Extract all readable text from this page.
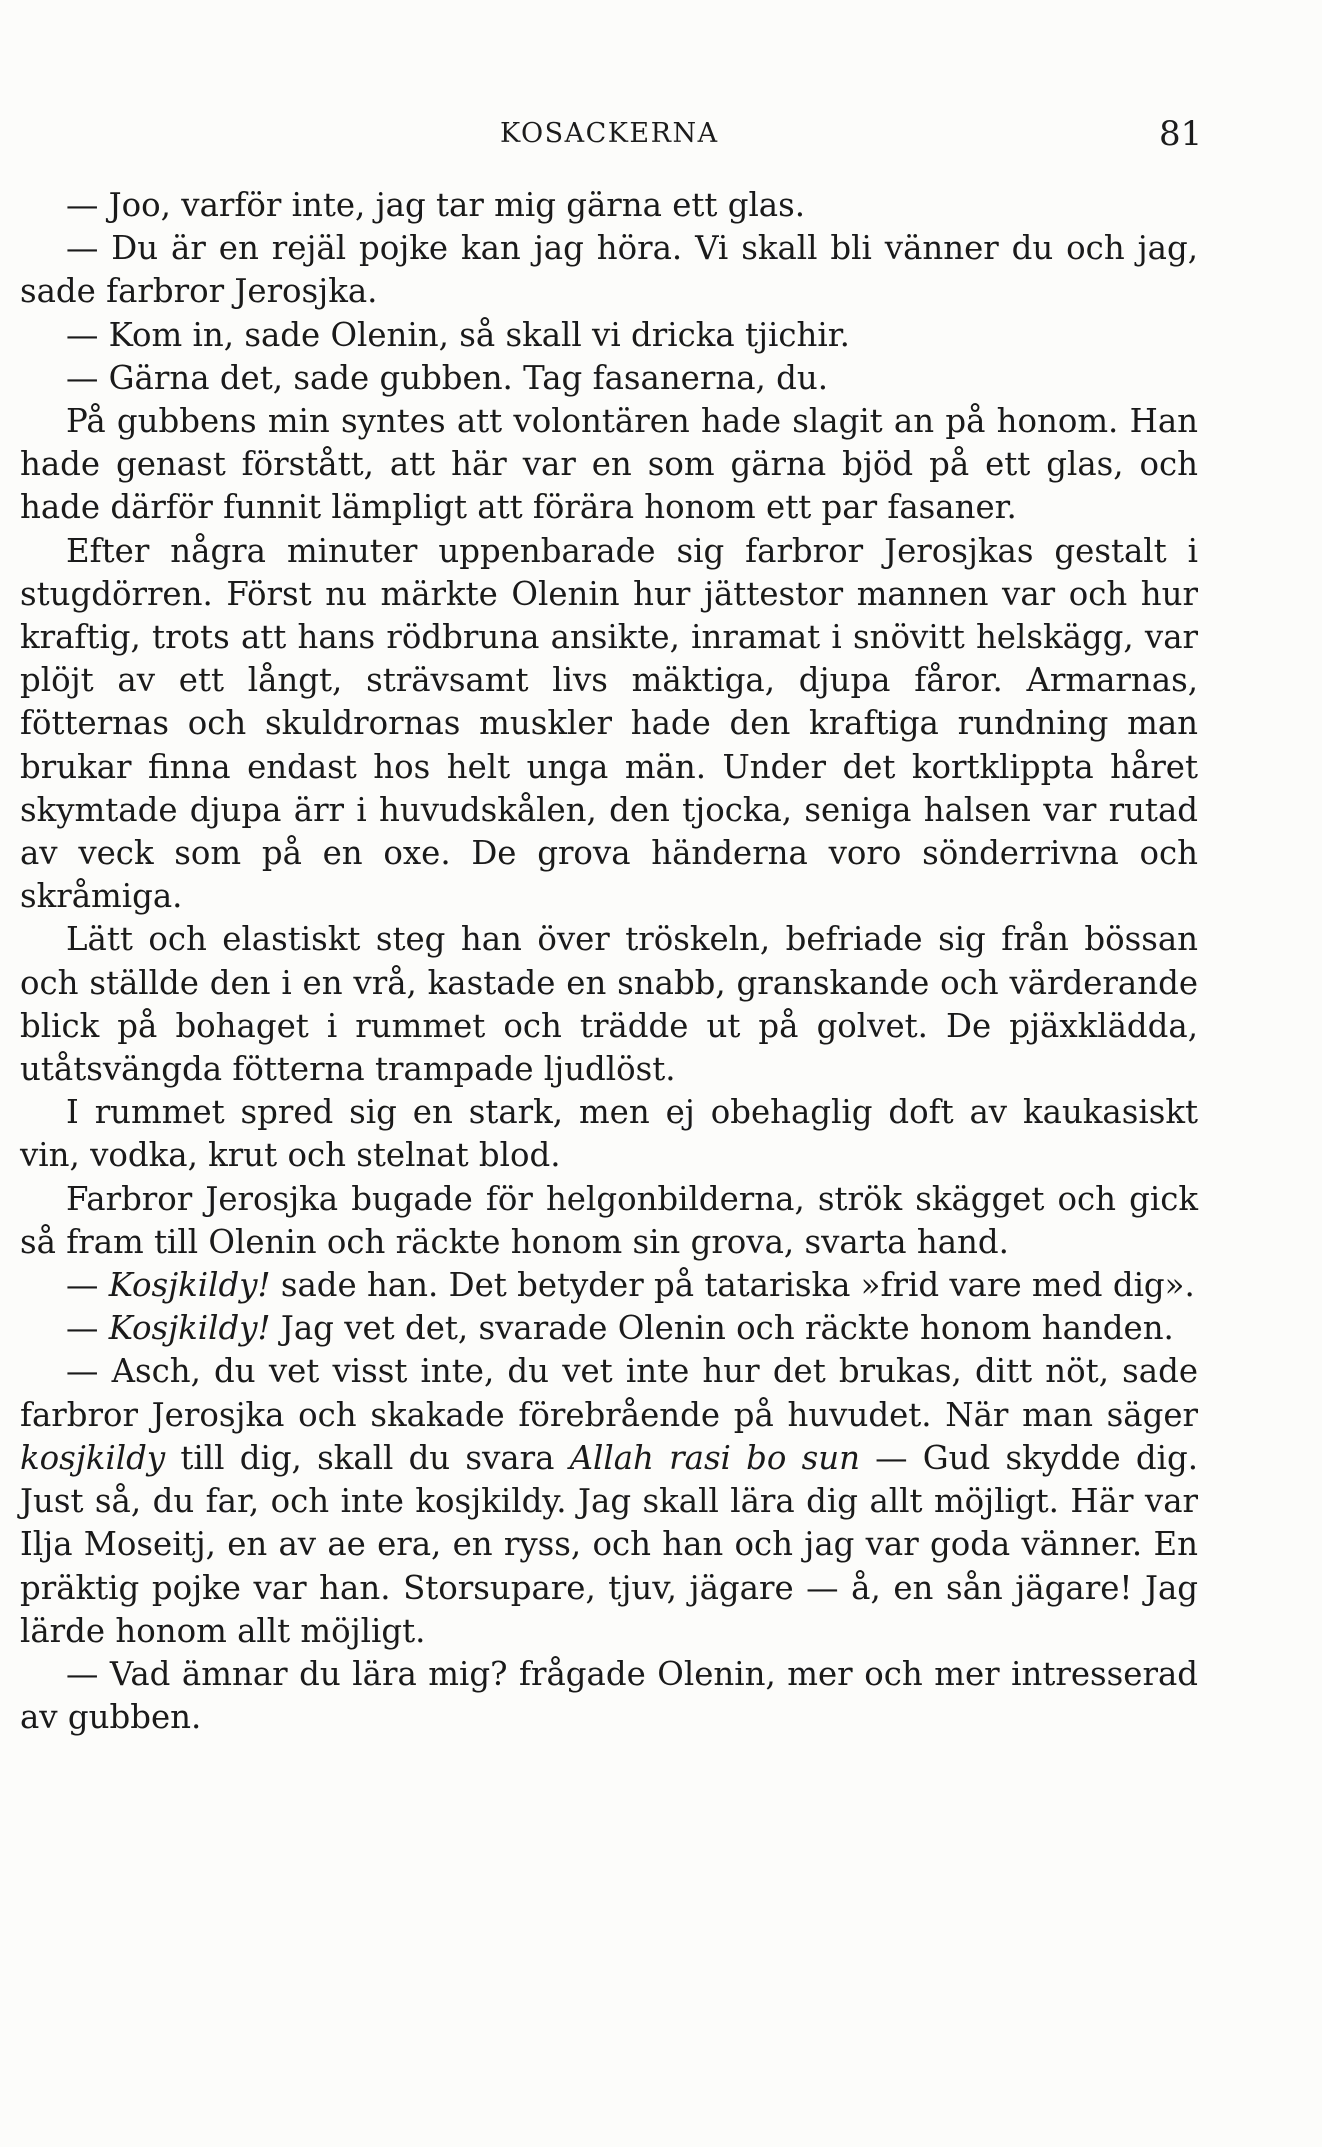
KOSACKERNA	81

— Joo, varför inte, jag tar mig gärna ett glas.

— Du är en rejäl pojke kan jag höra. Vi skall bli vänner du och jag, sade farbror Jerosjka.

— Kom in, sade Olenin, så skall vi dricka tjichir.

— Gärna det, sade gubben. Tag fasanerna, du.

På gubbens min syntes att volontären hade slagit an på honom. Han hade genast förstått, att här var en som gärna bjöd på ett glas, och hade därför funnit lämpligt att förära honom ett par fasaner.

Efter några minuter uppenbarade sig farbror Jerosjkas gestalt i stugdörren. Först nu märkte Olenin hur jättestor mannen var och hur kraftig, trots att hans rödbruna ansikte, inramat i snövitt helskägg, var plöjt av ett långt, strävsamt livs mäktiga, djupa fåror. Armarnas, fötternas och skuldrornas muskler hade den kraftiga rundning man brukar finna endast hos helt unga män. Under det kortklippta håret skymtade djupa ärr i huvudskålen, den tjocka, seniga halsen var rutad av veck som på en oxe. De grova händerna voro sönderrivna och skråmiga.

Lätt och elastiskt steg han över tröskeln, befriade sig från bössan och ställde den i en vrå, kastade en snabb, granskande och värderande blick på bohaget i rummet och trädde ut på golvet. De pjäxklädda, utåtsvängda fötterna trampade ljudlöst.

I rummet spred sig en stark, men ej obehaglig doft av kaukasiskt vin, vodka, krut och stelnat blod.

Farbror Jerosjka bugade för helgonbilderna, strök skägget och gick så fram till Olenin och räckte honom sin grova, svarta hand.

— Kosjkildy! sade han. Det betyder på tatariska »frid vare med dig».

— Kosjkildy! Jag vet det, svarade Olenin och räckte honom handen.

— Asch, du vet visst inte, du vet inte hur det brukas, ditt nöt, sade farbror Jerosjka och skakade förebrående på huvudet. När man säger kosjkildy till dig, skall du svara Allah rasi bo sun — Gud skydde dig. Just så, du far, och inte kosjkildy. Jag skall lära dig allt möjligt. Här var Ilja Moseitj, en av ae era, en ryss, och han och jag var goda vänner. En präktig pojke var han. Storsupare, tjuv, jägare — å, en sån jägare! Jag lärde honom allt möjligt.

— Vad ämnar du lära mig? frågade Olenin, mer och mer intresserad av gubben.
